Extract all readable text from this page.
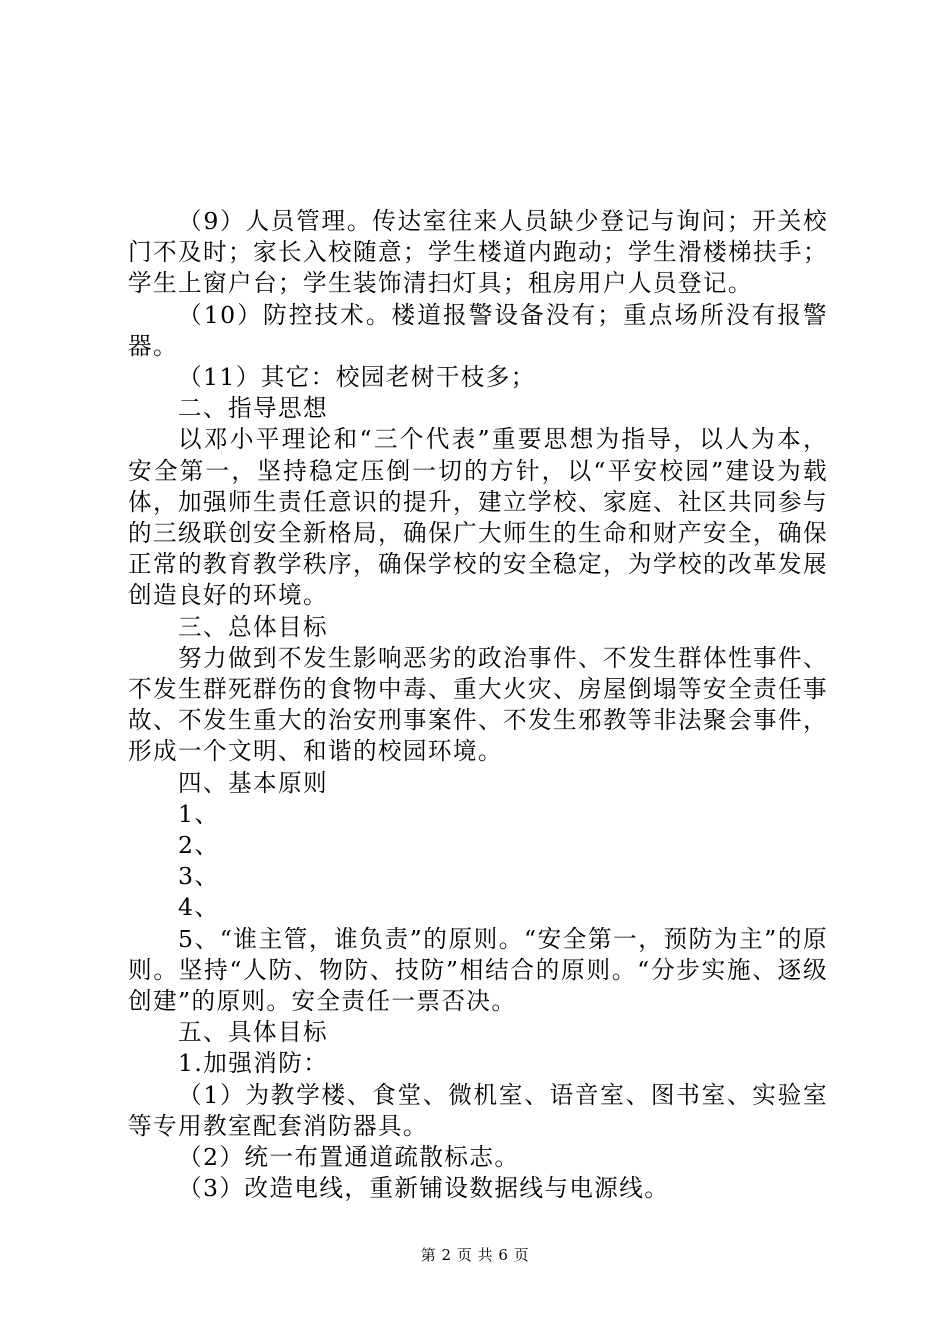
（9）人员管理。传达室往来人员缺少登记与询问；开关校门不及时；家长入校随意；学生楼道内跑动；学生滑楼梯扶手；学生上窗户台；学生装饰清扫灯具；租房用户人员登记。

（10）防控技术。楼道报警设备没有；重点场所没有报警器。

（11）其它：校园老树干枝多；

二、指导思想

以邓小平理论和“三个代表”重要思想为指导，以人为本，安全第一，坚持稳定压倒一切的方针，以“平安校园”建设为载体，加强师生责任意识的提升，建立学校、家庭、社区共同参与的三级联创安全新格局，确保广大师生的生命和财产安全，确保正常的教育教学秩序，确保学校的安全稳定，为学校的改革发展创造良好的环境。

三、总体目标

努力做到不发生影响恶劣的政治事件、不发生群体性事件、不发生群死群伤的食物中毒、重大火灾、房屋倒塌等安全责任事故、不发生重大的治安刑事案件、不发生邪教等非法聚会事件，形成一个文明、和谐的校园环境。

四、基本原则

1、

2、

3、

4、

5、“谁主管，谁负责”的原则。“安全第一，预防为主”的原则。坚持“人防、物防、技防”相结合的原则。“分步实施、逐级创建”的原则。安全责任一票否决。

五、具体目标

1.加强消防：

（1）为教学楼、食堂、微机室、语音室、图书室、实验室等专用教室配套消防器具。

（2）统一布置通道疏散标志。

（3）改造电线，重新铺设数据线与电源线。

第 2 页 共 6 页
